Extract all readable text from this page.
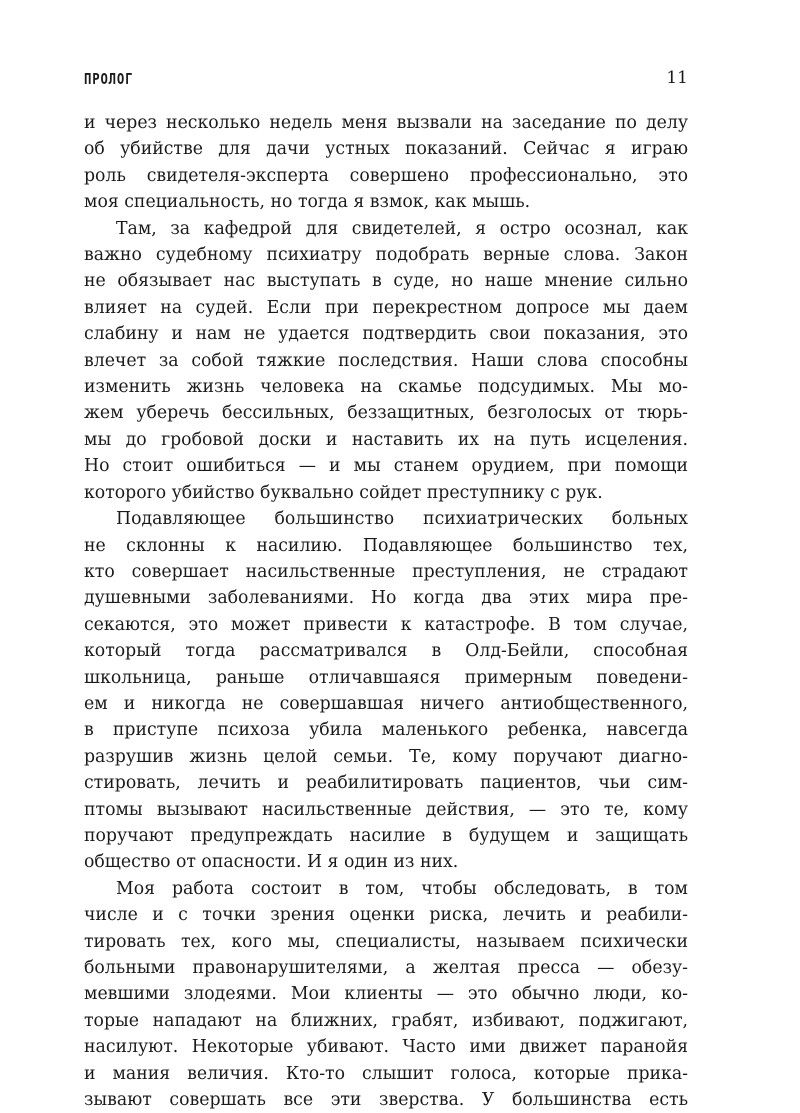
ПРОЛОГ	11

и через несколько недель меня вызвали на заседание по делу
об убийстве для дачи устных показаний. Сейчас я играю
роль свидетеля-эксперта совершено профессионально, это
моя специальность, но тогда я взмок, как мышь.

Там, за кафедрой для свидетелей, я остро осознал, как
важно судебному психиатру подобрать верные слова. Закон
не обязывает нас выступать в суде, но наше мнение сильно
влияет на судей. Если при перекрестном допросе мы даем
слабину и нам не удается подтвердить свои показания, это
влечет за собой тяжкие последствия. Наши слова способны
изменить жизнь человека на скамье подсудимых. Мы мо-
жем уберечь бессильных, беззащитных, безголосых от тюрь-
мы до гробовой доски и наставить их на путь исцеления.
Но стоит ошибиться — и мы станем орудием, при помощи
которого убийство буквально сойдет преступнику с рук.

Подавляющее большинство психиатрических больных
не склонны к насилию. Подавляющее большинство тех,
кто совершает насильственные преступления, не страдают
душевными заболеваниями. Но когда два этих мира пре-
секаются, это может привести к катастрофе. В том случае,
который тогда рассматривался в Олд-Бейли, способная
школьница, раньше отличавшаяся примерным поведени-
ем и никогда не совершавшая ничего антиобщественного,
в приступе психоза убила маленького ребенка, навсегда
разрушив жизнь целой семьи. Те, кому поручают диагно-
стировать, лечить и реабилитировать пациентов, чьи сим-
птомы вызывают насильственные действия, — это те, кому
поручают предупреждать насилие в будущем и защищать
общество от опасности. И я один из них.

Моя работа состоит в том, чтобы обследовать, в том
числе и с точки зрения оценки риска, лечить и реабили-
тировать тех, кого мы, специалисты, называем психически
больными правонарушителями, а желтая пресса — обезу-
мевшими злодеями. Мои клиенты — это обычно люди, ко-
торые нападают на ближних, грабят, избивают, поджигают,
насилуют. Некоторые убивают. Часто ими движет паранойя
и мания величия. Кто-то слышит голоса, которые прика-
зывают совершать все эти зверства. У большинства есть
